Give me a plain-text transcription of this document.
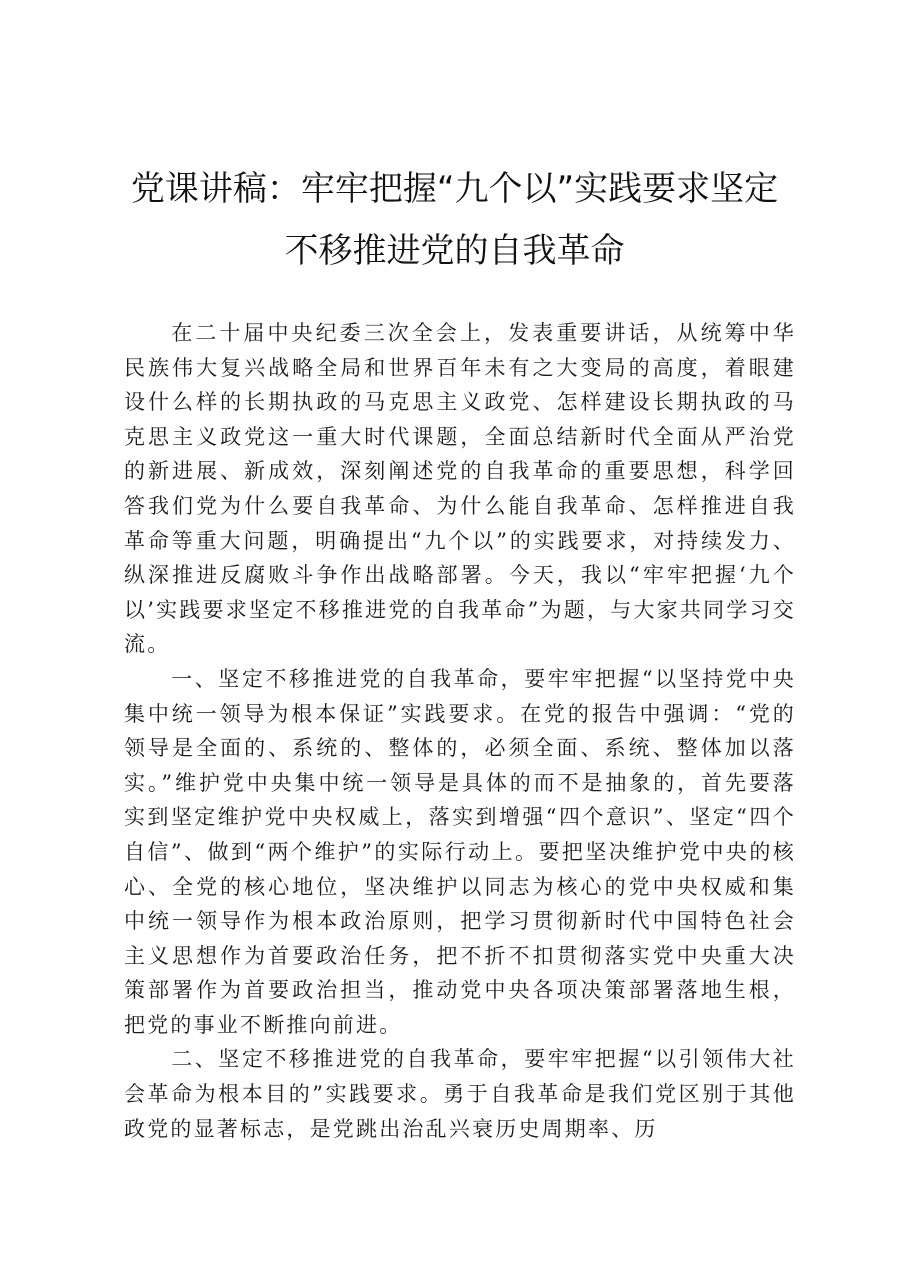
党课讲稿：牢牢把握“九个以”实践要求坚定
不移推进党的自我革命

在二十届中央纪委三次全会上，发表重要讲话，从统筹中华民族伟大复兴战略全局和世界百年未有之大变局的高度，着眼建设什么样的长期执政的马克思主义政党、怎样建设长期执政的马克思主义政党这一重大时代课题，全面总结新时代全面从严治党的新进展、新成效，深刻阐述党的自我革命的重要思想，科学回答我们党为什么要自我革命、为什么能自我革命、怎样推进自我革命等重大问题，明确提出“九个以”的实践要求，对持续发力、纵深推进反腐败斗争作出战略部署。今天，我以“牢牢把握‘九个以’实践要求坚定不移推进党的自我革命”为题，与大家共同学习交流。

一、坚定不移推进党的自我革命，要牢牢把握“以坚持党中央集中统一领导为根本保证”实践要求。在党的报告中强调：“党的领导是全面的、系统的、整体的，必须全面、系统、整体加以落实。”维护党中央集中统一领导是具体的而不是抽象的，首先要落实到坚定维护党中央权威上，落实到增强“四个意识”、坚定“四个自信”、做到“两个维护”的实际行动上。要把坚决维护党中央的核心、全党的核心地位，坚决维护以同志为核心的党中央权威和集中统一领导作为根本政治原则，把学习贯彻新时代中国特色社会主义思想作为首要政治任务，把不折不扣贯彻落实党中央重大决策部署作为首要政治担当，推动党中央各项决策部署落地生根，把党的事业不断推向前进。

二、坚定不移推进党的自我革命，要牢牢把握“以引领伟大社会革命为根本目的”实践要求。勇于自我革命是我们党区别于其他政党的显著标志，是党跳出治乱兴衰历史周期率、历
